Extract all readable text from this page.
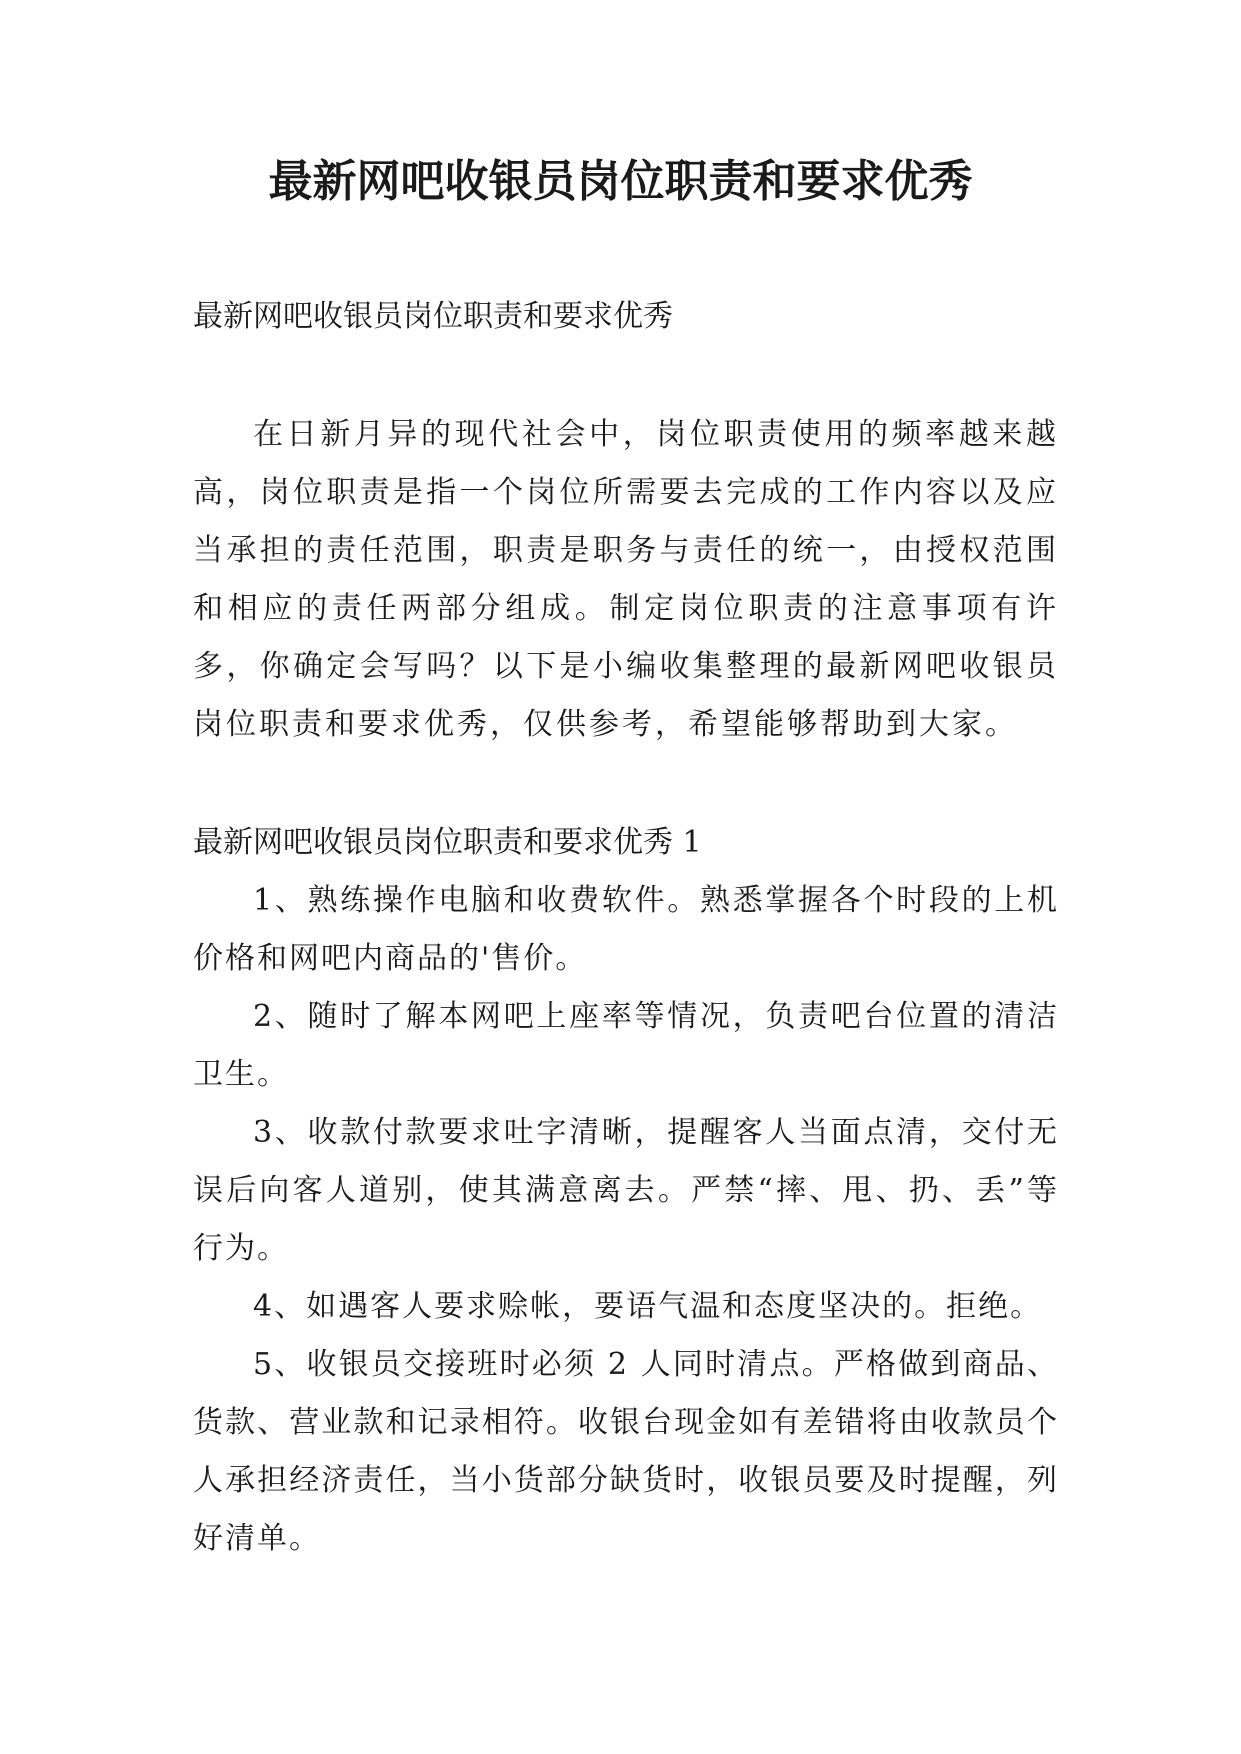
最新网吧收银员岗位职责和要求优秀

最新网吧收银员岗位职责和要求优秀

在日新月异的现代社会中，岗位职责使用的频率越来越高，岗位职责是指一个岗位所需要去完成的工作内容以及应当承担的责任范围，职责是职务与责任的统一，由授权范围和相应的责任两部分组成。制定岗位职责的注意事项有许多，你确定会写吗？以下是小编收集整理的最新网吧收银员岗位职责和要求优秀，仅供参考，希望能够帮助到大家。

最新网吧收银员岗位职责和要求优秀 1

1、熟练操作电脑和收费软件。熟悉掌握各个时段的上机价格和网吧内商品的'售价。

2、随时了解本网吧上座率等情况，负责吧台位置的清洁卫生。

3、收款付款要求吐字清晰，提醒客人当面点清，交付无误后向客人道别，使其满意离去。严禁“摔、甩、扔、丢”等行为。

4、如遇客人要求赊帐，要语气温和态度坚决的。拒绝。

5、收银员交接班时必须 2 人同时清点。严格做到商品、货款、营业款和记录相符。收银台现金如有差错将由收款员个人承担经济责任，当小货部分缺货时，收银员要及时提醒，列好清单。
